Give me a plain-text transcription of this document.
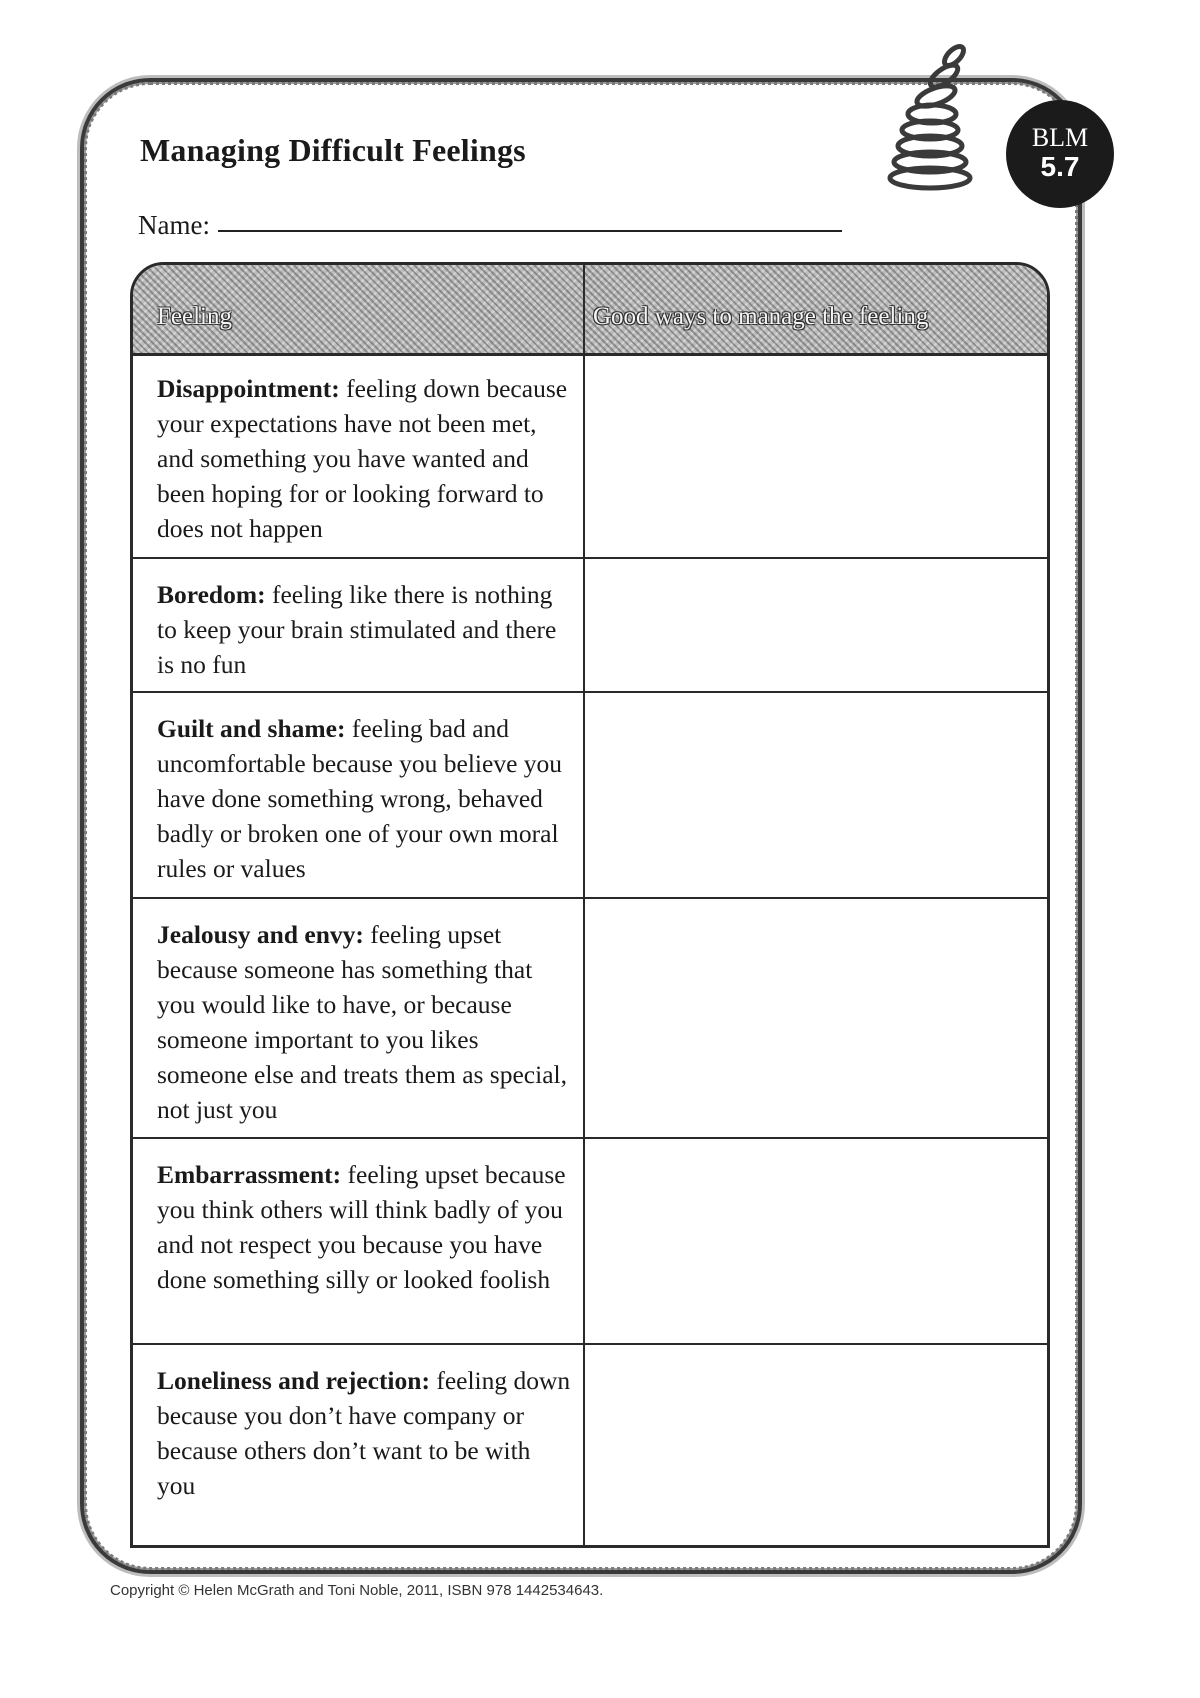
Managing Difficult Feelings	BLM
5.7
Name:
Feeling	Good ways to manage the feeling
Disappointment: feeling down because your expectations have not been met, and something you have wanted and been hoping for or looking forward to does not happen
Boredom: feeling like there is nothing to keep your brain stimulated and there is no fun
Guilt and shame: feeling bad and uncomfortable because you believe you have done something wrong, behaved badly or broken one of your own moral rules or values
Jealousy and envy: feeling upset because someone has something that you would like to have, or because someone important to you likes someone else and treats them as special, not just you
Embarrassment: feeling upset because you think others will think badly of you and not respect you because you have done something silly or looked foolish
Loneliness and rejection: feeling down because you don’t have company or because others don’t want to be with you
Copyright © Helen McGrath and Toni Noble, 2011, ISBN 978 1442534643.
